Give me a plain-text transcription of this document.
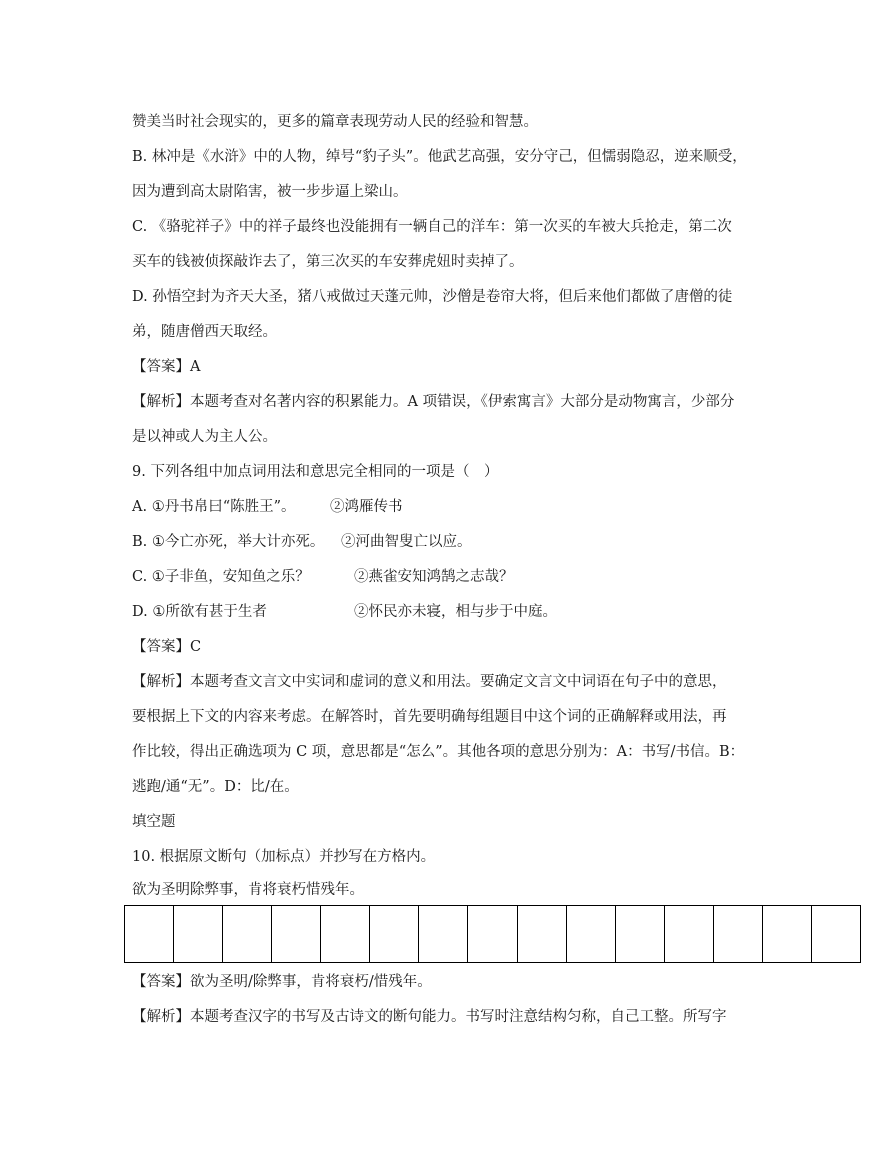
赞美当时社会现实的，更多的篇章表现劳动人民的经验和智慧。
B. 林冲是《水浒》中的人物，绰号“豹子头”。他武艺高强，安分守己，但懦弱隐忍，逆来顺受，
因为遭到高太尉陷害，被一步步逼上梁山。
C. 《骆驼祥子》中的祥子最终也没能拥有一辆自己的洋车：第一次买的车被大兵抢走，第二次
买车的钱被侦探敲诈去了，第三次买的车安葬虎妞时卖掉了。
D. 孙悟空封为齐天大圣，猪八戒做过天蓬元帅，沙僧是卷帘大将，但后来他们都做了唐僧的徒
弟，随唐僧西天取经。
【答案】A
【解析】本题考查对名著内容的积累能力。A 项错误，《伊索寓言》大部分是动物寓言，少部分
是以神或人为主人公。
9. 下列各组中加点词用法和意思完全相同的一项是（　）
A. ①丹书帛曰“陈胜王”。 ②鸿雁传书
B. ①今亡亦死，举大计亦死。 ②河曲智叟亡以应。
C. ①子非鱼，安知鱼之乐？	②燕雀安知鸿鹄之志哉？
D. ①所欲有甚于生者	②怀民亦未寝，相与步于中庭。
【答案】C
【解析】本题考查文言文中实词和虚词的意义和用法。要确定文言文中词语在句子中的意思，
要根据上下文的内容来考虑。在解答时，首先要明确每组题目中这个词的正确解释或用法，再
作比较，得出正确选项为 C 项，意思都是“怎么”。其他各项的意思分别为：A：书写/书信。B：
逃跑/通“无”。D：比/在。
填空题
10. 根据原文断句（加标点）并抄写在方格内。
欲为圣明除弊事，肯将衰朽惜残年。
【答案】欲为圣明/除弊事，肯将衰朽/惜残年。
【解析】本题考查汉字的书写及古诗文的断句能力。书写时注意结构匀称，自己工整。所写字
